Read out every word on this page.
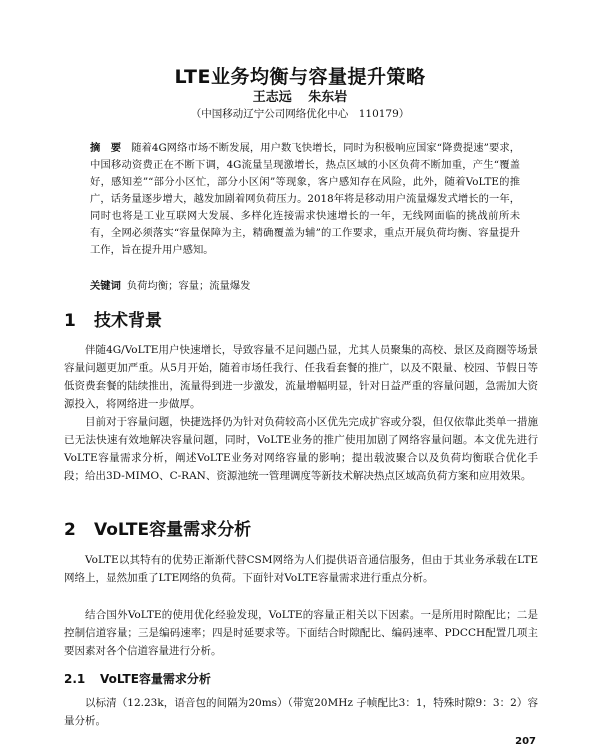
LTE业务均衡与容量提升策略
王志远 朱东岩
（中国移动辽宁公司网络优化中心　110179）
摘　要 随着4G网络市场不断发展，用户数飞快增长，同时为积极响应国家“降费提速”要求，中国移动资费正在不断下调，4G流量呈现激增长，热点区域的小区负荷不断加重，产生“覆盖好，感知差”“部分小区忙，部分小区闲”等现象，客户感知存在风险，此外，随着VoLTE的推广，话务量逐步增大，越发加剧着网负荷压力。2018年将是移动用户流量爆发式增长的一年，同时也将是工业互联网大发展、多样化连接需求快速增长的一年，无线网面临的挑战前所未有，全网必须落实“容量保障为主，精确覆盖为辅”的工作要求，重点开展负荷均衡、容量提升工作，旨在提升用户感知。
关键词 负荷均衡；容量；流量爆发
1 技术背景
伴随4G/VoLTE用户快速增长，导致容量不足问题凸显，尤其人员聚集的高校、景区及商圈等场景容量问题更加严重。从5月开始，随着市场任我行、任我看套餐的推广，以及不限量、校园、节假日等低资费套餐的陆续推出，流量得到进一步激发，流量增幅明显，针对日益严重的容量问题，急需加大资源投入，将网络进一步做厚。
目前对于容量问题，快捷选择仍为针对负荷较高小区优先完成扩容或分裂，但仅依靠此类单一措施已无法快速有效地解决容量问题，同时，VoLTE业务的推广使用加剧了网络容量问题。本文优先进行VoLTE容量需求分析，阐述VoLTE业务对网络容量的影响；提出载波聚合以及负荷均衡联合优化手段；给出3D-MIMO、C-RAN、资源池统一管理调度等新技术解决热点区域高负荷方案和应用效果。
2 VoLTE容量需求分析
VoLTE以其特有的优势正渐渐代替CSM网络为人们提供语音通信服务，但由于其业务承载在LTE网络上，显然加重了LTE网络的负荷。下面针对VoLTE容量需求进行重点分析。
结合国外VoLTE的使用优化经验发现，VoLTE的容量正相关以下因素。一是所用时隙配比；二是控制信道容量；三是编码速率；四是时延要求等。下面结合时隙配比、编码速率、PDCCH配置几项主要因素对各个信道容量进行分析。
2.1 VoLTE容量需求分析
以标清（12.23k，语音包的间隔为20ms）（带宽20MHz 子帧配比3：1，特殊时隙9：3：2）容量分析。
207
